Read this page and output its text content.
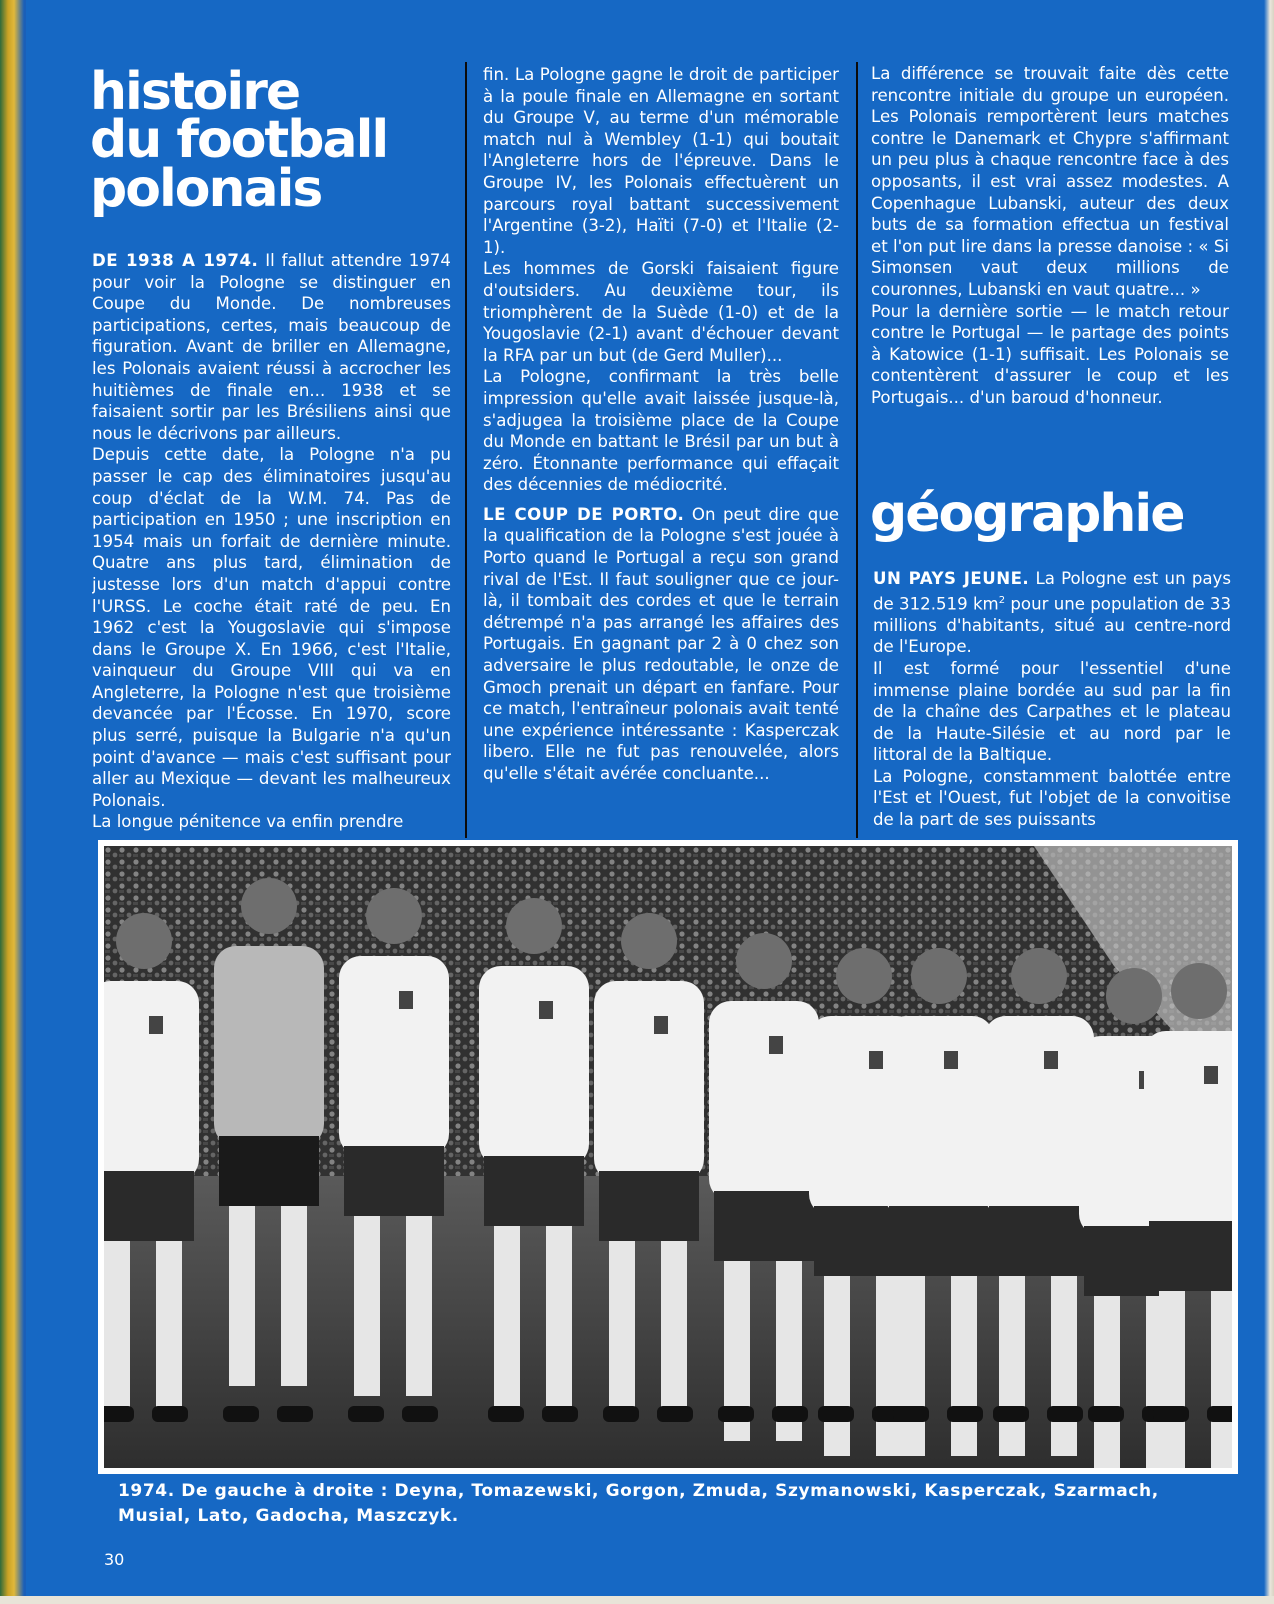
histoire
du football
polonais

DE 1938 A 1974. Il fallut attendre 1974 pour voir la Pologne se distinguer en Coupe du Monde. De nombreuses participations, certes, mais beaucoup de figuration. Avant de briller en Allemagne, les Polonais avaient réussi à accrocher les huitièmes de finale en... 1938 et se faisaient sortir par les Brésiliens ainsi que nous le décrivons par ailleurs.

Depuis cette date, la Pologne n'a pu passer le cap des éliminatoires jusqu'au coup d'éclat de la W.M. 74. Pas de participation en 1950 ; une inscription en 1954 mais un forfait de dernière minute. Quatre ans plus tard, élimination de justesse lors d'un match d'appui contre l'URSS. Le coche était raté de peu. En 1962 c'est la Yougoslavie qui s'impose dans le Groupe X. En 1966, c'est l'Italie, vainqueur du Groupe VIII qui va en Angleterre, la Pologne n'est que troisième devancée par l'Écosse. En 1970, score plus serré, puisque la Bulgarie n'a qu'un point d'avance — mais c'est suffisant pour aller au Mexique — devant les malheureux Polonais.

La longue pénitence va enfin prendre

fin. La Pologne gagne le droit de participer à la poule finale en Allemagne en sortant du Groupe V, au terme d'un mémorable match nul à Wembley (1-1) qui boutait l'Angleterre hors de l'épreuve. Dans le Groupe IV, les Polonais effectuèrent un parcours royal battant successivement l'Argentine (3-2), Haïti (7-0) et l'Italie (2-1).

Les hommes de Gorski faisaient figure d'outsiders. Au deuxième tour, ils triomphèrent de la Suède (1-0) et de la Yougoslavie (2-1) avant d'échouer devant la RFA par un but (de Gerd Muller)...

La Pologne, confirmant la très belle impression qu'elle avait laissée jusque-là, s'adjugea la troisième place de la Coupe du Monde en battant le Brésil par un but à zéro. Étonnante performance qui effaçait des décennies de médiocrité.

LE COUP DE PORTO. On peut dire que la qualification de la Pologne s'est jouée à Porto quand le Portugal a reçu son grand rival de l'Est. Il faut souligner que ce jour-là, il tombait des cordes et que le terrain détrempé n'a pas arrangé les affaires des Portugais. En gagnant par 2 à 0 chez son adversaire le plus redoutable, le onze de Gmoch prenait un départ en fanfare. Pour ce match, l'entraîneur polonais avait tenté une expérience intéressante : Kasperczak libero. Elle ne fut pas renouvelée, alors qu'elle s'était avérée concluante...

La différence se trouvait faite dès cette rencontre initiale du groupe un européen. Les Polonais remportèrent leurs matches contre le Danemark et Chypre s'affirmant un peu plus à chaque rencontre face à des opposants, il est vrai assez modestes. A Copenhague Lubanski, auteur des deux buts de sa formation effectua un festival et l'on put lire dans la presse danoise : « Si Simonsen vaut deux millions de couronnes, Lubanski en vaut quatre... »

Pour la dernière sortie — le match retour contre le Portugal — le partage des points à Katowice (1-1) suffisait. Les Polonais se contentèrent d'assurer le coup et les Portugais... d'un baroud d'honneur.

géographie

UN PAYS JEUNE. La Pologne est un pays de 312.519 $km^2$ pour une population de 33 millions d'habitants, situé au centre-nord de l'Europe.

Il est formé pour l'essentiel d'une immense plaine bordée au sud par la fin de la chaîne des Carpathes et le plateau de la Haute-Silésie et au nord par le littoral de la Baltique.

La Pologne, constamment balottée entre l'Est et l'Ouest, fut l'objet de la convoitise de la part de ses puissants

1974. De gauche à droite : Deyna, Tomazewski, Gorgon, Zmuda, Szymanowski, Kasperczak, Szarmach, Musial, Lato, Gadocha, Maszczyk.
30
